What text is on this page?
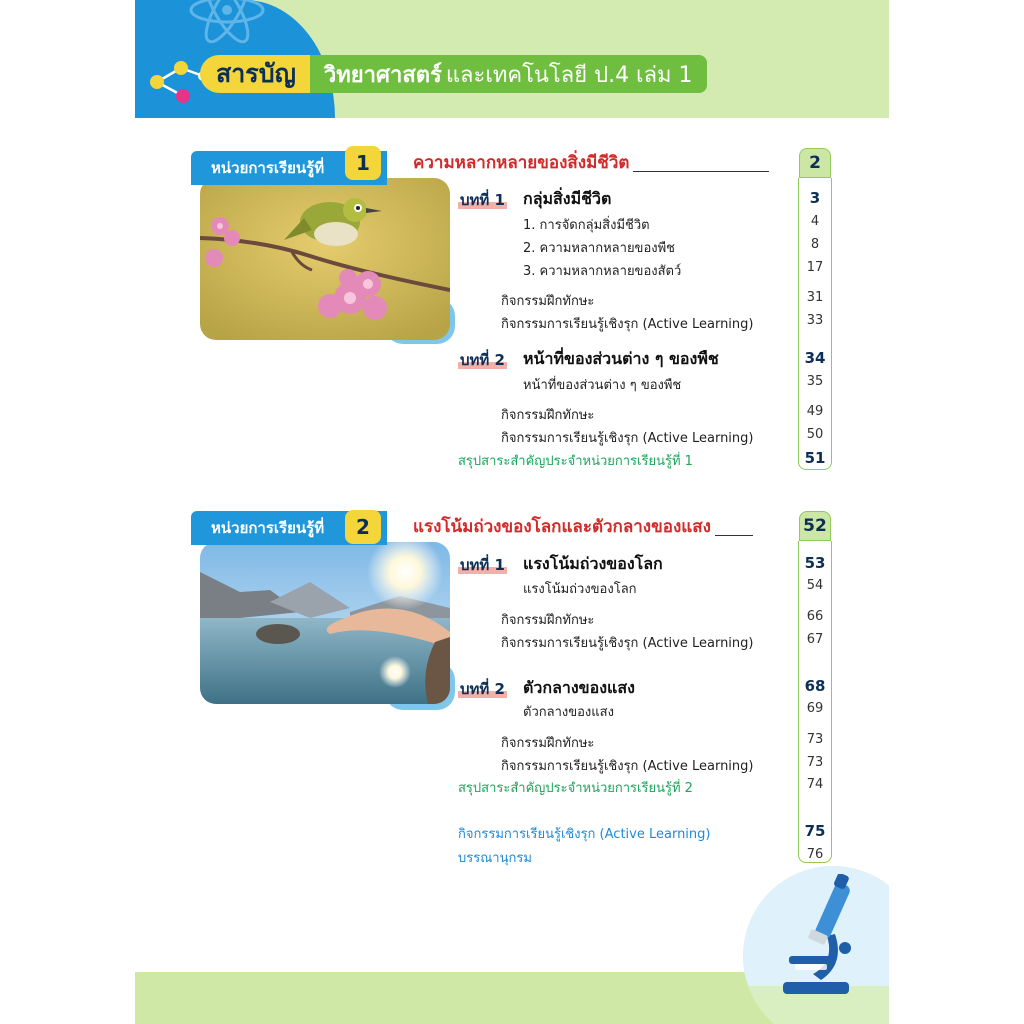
สารบัญ	วิทยาศาสตร์ และเทคโนโลยี ป.4 เล่ม 1
หน่วยการเรียนรู้ที่	1	ความหลากหลายของสิ่งมีชีวิต	2
บทที่ 1 กลุ่มสิ่งมีชีวิต	3
1. การจัดกลุ่มสิ่งมีชีวิต	4
2. ความหลากหลายของพืช	8
3. ความหลากหลายของสัตว์	17
กิจกรรมฝึกทักษะ	31
กิจกรรมการเรียนรู้เชิงรุก (Active Learning)	33
บทที่ 2 หน้าที่ของส่วนต่าง ๆ ของพืช	34
หน้าที่ของส่วนต่าง ๆ ของพืช	35
กิจกรรมฝึกทักษะ	49
กิจกรรมการเรียนรู้เชิงรุก (Active Learning)	50
สรุปสาระสำคัญประจำหน่วยการเรียนรู้ที่ 1	51
หน่วยการเรียนรู้ที่	2	แรงโน้มถ่วงของโลกและตัวกลางของแสง	52
บทที่ 1 แรงโน้มถ่วงของโลก	53
แรงโน้มถ่วงของโลก	54
กิจกรรมฝึกทักษะ	66
กิจกรรมการเรียนรู้เชิงรุก (Active Learning)	67
บทที่ 2 ตัวกลางของแสง	68
ตัวกลางของแสง	69
กิจกรรมฝึกทักษะ	73
กิจกรรมการเรียนรู้เชิงรุก (Active Learning)	73
สรุปสาระสำคัญประจำหน่วยการเรียนรู้ที่ 2	74
กิจกรรมการเรียนรู้เชิงรุก (Active Learning)	75
บรรณานุกรม	76
